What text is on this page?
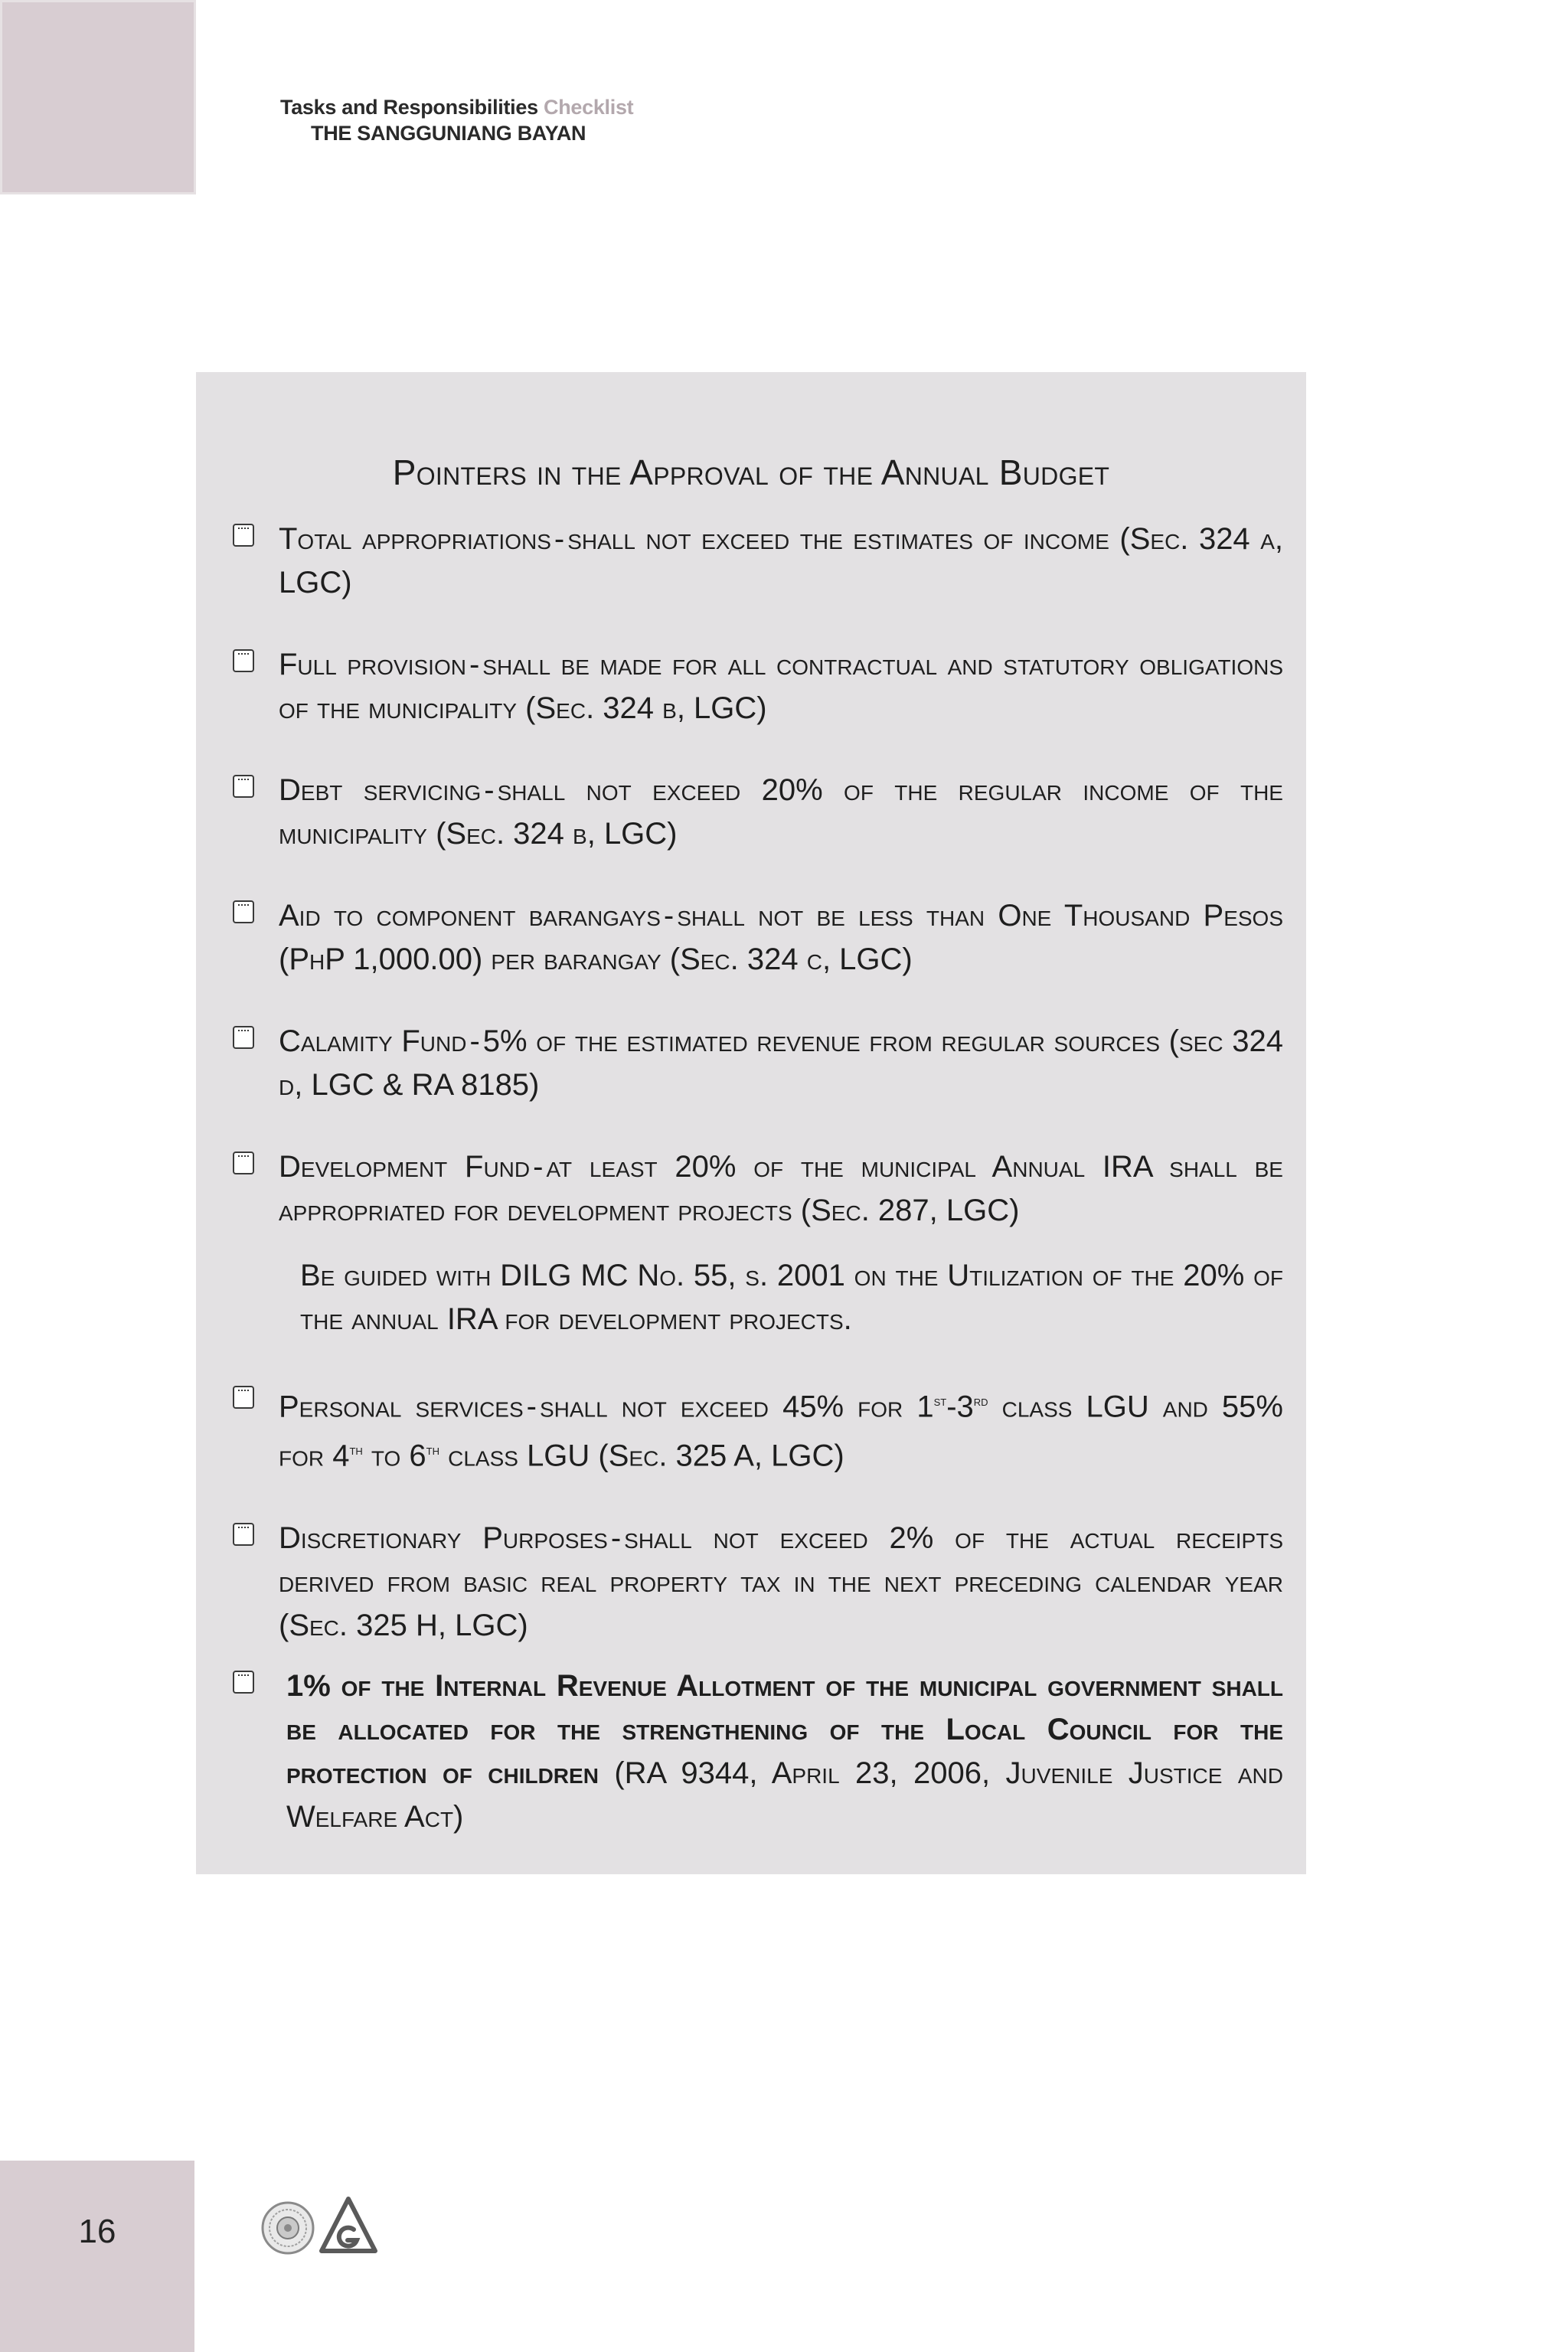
Tasks and Responsibilities Checklist
THE SANGGUNIANG BAYAN
Pointers in the Approval of the Annual Budget
Total appropriations - shall not exceed the estimates of income (Sec. 324 a, LGC)
Full provision - shall be made for all contractual and statutory obligations of the municipality (Sec. 324 b, LGC)
Debt servicing - shall not exceed 20% of the regular income of the municipality (Sec. 324 b, LGC)
Aid to component barangays - shall not be less than One Thousand Pesos (PhP 1,000.00) per barangay (Sec. 324 c, LGC)
Calamity Fund - 5% of the estimated revenue from regular sources (sec 324 d, LGC & RA 8185)
Development Fund - at least 20% of the municipal Annual IRA shall be appropriated for development projects (Sec. 287, LGC)
Be guided with DILG MC No. 55, s. 2001 on the Utilization of the 20% of the annual IRA for development projects.
Personal services - shall not exceed 45% for 1st-3rd class LGU and 55% for 4th to 6th class LGU (Sec. 325 A, LGC)
Discretionary Purposes - shall not exceed 2% of the actual receipts derived from basic real property tax in the next preceding calendar year (Sec. 325 H, LGC)
1% of the Internal Revenue Allotment of the municipal government shall be allocated for the strengthening of the Local Council for the protection of children (RA 9344, April 23, 2006, Juvenile Justice and Welfare Act)
16
